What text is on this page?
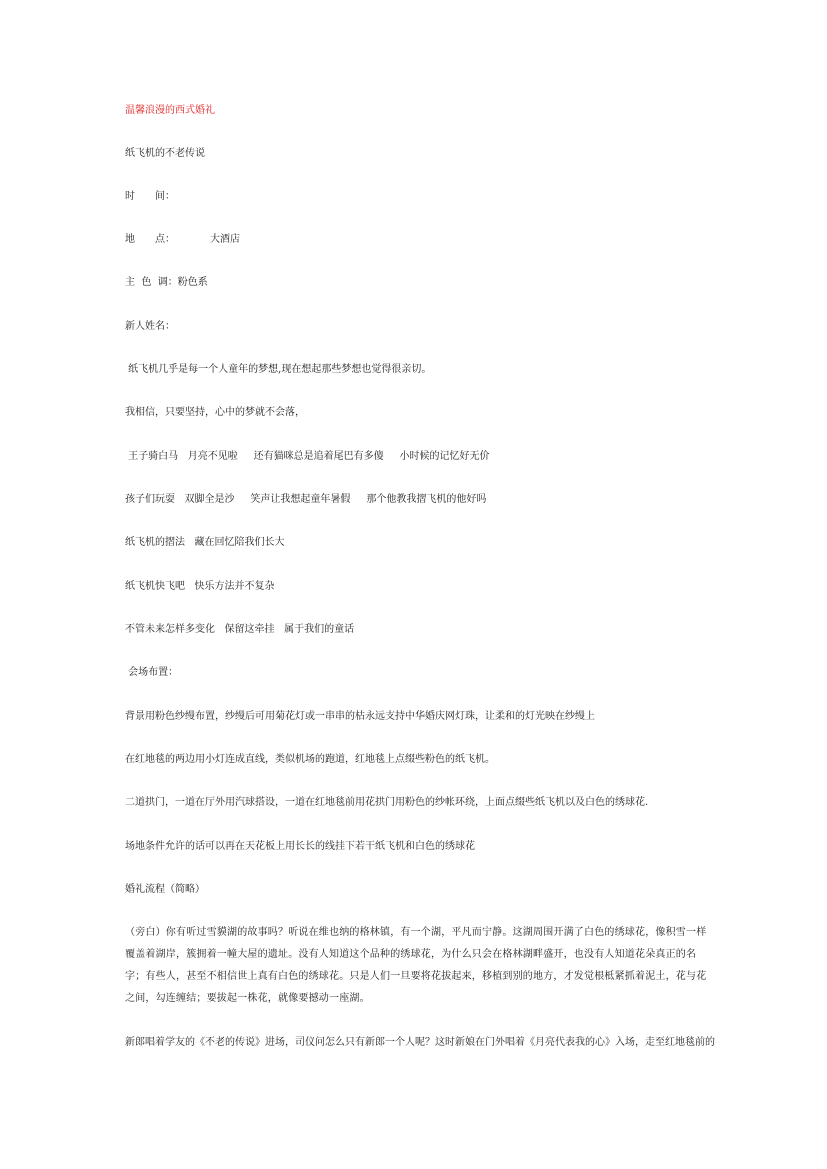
温馨浪漫的西式婚礼
纸飞机的不老传说
时　　间：
地　　点：　　　　大酒店
主  色  调：粉色系
新人姓名：
纸飞机几乎是每一个人童年的梦想,现在想起那些梦想也觉得很亲切。
我相信，只要坚持，心中的梦就不会落，
王子骑白马   月亮不见啦     还有猫咪总是追着尾巴有多傻     小时候的记忆好无价
孩子们玩耍   双脚全是沙     笑声让我想起童年暑假     那个他教我摺飞机的他好吗
纸飞机的摺法   藏在回忆陪我们长大
纸飞机快飞吧   快乐方法并不复杂
不管未来怎样多变化   保留这牵挂   属于我们的童话
会场布置：
背景用粉色纱缦布置，纱缦后可用菊花灯或一串串的枯永远支持中华婚庆网灯珠，让柔和的灯光映在纱缦上
在红地毯的两边用小灯连成直线，类似机场的跑道，红地毯上点缀些粉色的纸飞机。
二道拱门，一道在厅外用汽球搭设，一道在红地毯前用花拱门用粉色的纱帐环绕，上面点缀些纸飞机以及白色的绣球花.
场地条件允许的话可以再在天花板上用长长的线挂下若干纸飞机和白色的绣球花
婚礼流程（简略）
（旁白）你有听过雪貘湖的故事吗？听说在维也纳的格林镇，有一个湖，平凡而宁静。这湖周围开满了白色的绣球花，像积雪一样覆盖着湖岸，簇拥着一幢大屋的遗址。没有人知道这个品种的绣球花，为什么只会在格林湖畔盛开，也没有人知道花朵真正的名字；有些人，甚至不相信世上真有白色的绣球花。只是人们一旦要将花拔起来，移植到别的地方，才发觉根柢紧抓着泥土，花与花之间，勾连缠结；要拔起一株花，就像要撼动一座湖。
新郎唱着学友的《不老的传说》进场，司仪问怎么只有新郎一个人呢？这时新娘在门外唱着《月亮代表我的心》入场，走至红地毯前的
